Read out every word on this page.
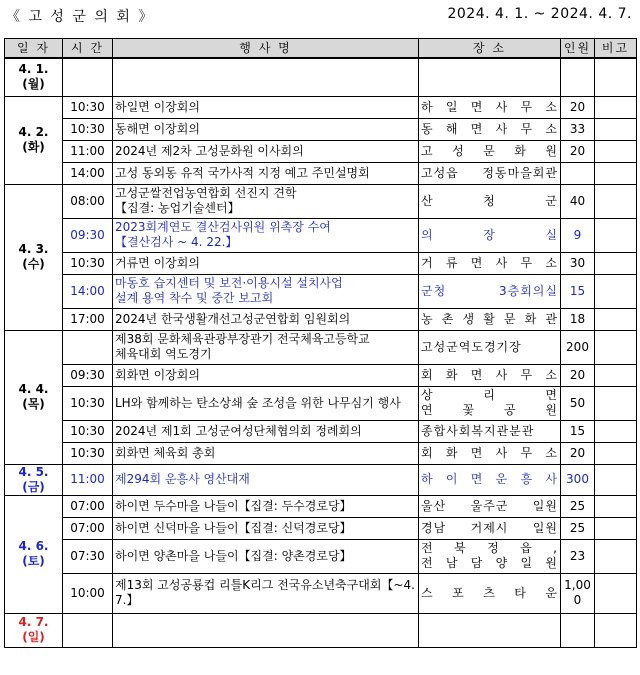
《 고 성 군 의 회 》	2024. 4. 1. ~ 2024. 4. 7.
일 자	시 간	행 사 명	장 소	인원	비고
4. 1.
(월)					
4. 2.
(화)	10:30	하일면 이장회의	하 일 면 사 무 소	20	
	10:30	동해면 이장회의	동 해 면 사 무 소	33	
	11:00	2024년 제2차 고성문화원 이사회의	고 성 문 화 원	20	
	14:00	고성 동외동 유적 국가사적 지정 예고 주민설명회	고성읍 정동마을회관		
4. 3.
(수)	08:00	고성군쌀전업농연합회 선진지 견학
【집결: 농업기술센터】	산 청 군	40	
	09:30	2023회계연도 결산검사위원 위촉장 수여
【결산검사 ~ 4. 22.】	의 장 실	9	
	10:30	거류면 이장회의	거 류 면 사 무 소	30	
	14:00	마동호 습지센터 및 보전·이용시설 설치사업
설계 용역 착수 및 중간 보고회	군청 3층회의실	15	
	17:00	2024년 한국생활개선고성군연합회 임원회의	농 촌 생 활 문 화 관	18	
4. 4.
(목)		제38회 문화체육관광부장관기 전국체육고등학교
체육대회 역도경기	고성군역도경기장	200	
	09:30	회화면 이장회의	회 화 면 사 무 소	20	
	10:30	LH와 함께하는 탄소상쇄 숲 조성을 위한 나무심기 행사	상 리 면
연 꽃 공 원	50	
	10:30	2024년 제1회 고성군여성단체협의회 정례회의	종합사회복지관분관	15	
	10:30	회화면 체육회 총회	회 화 면 사 무 소	20	
4. 5.
(금)	11:00	제294회 운흥사 영산대재	하 이 면 운 흥 사	300	
4. 6.
(토)	07:00	하이면 두수마을 나들이【집결: 두수경로당】	울산 울주군 일원	25	
	07:00	하이면 신덕마을 나들이【집결: 신덕경로당】	경남 거제시 일원	25	
	07:30	하이면 양촌마을 나들이【집결: 양촌경로당】	전 북 정 읍 ,
전 남 담 양 일 원	23	
	10:00	제13회 고성공룡컵 리틀K리그 전국유소년축구대회【~4.
7.】	스 포 츠 타 운	1,00
0	
4. 7.
(일)					
